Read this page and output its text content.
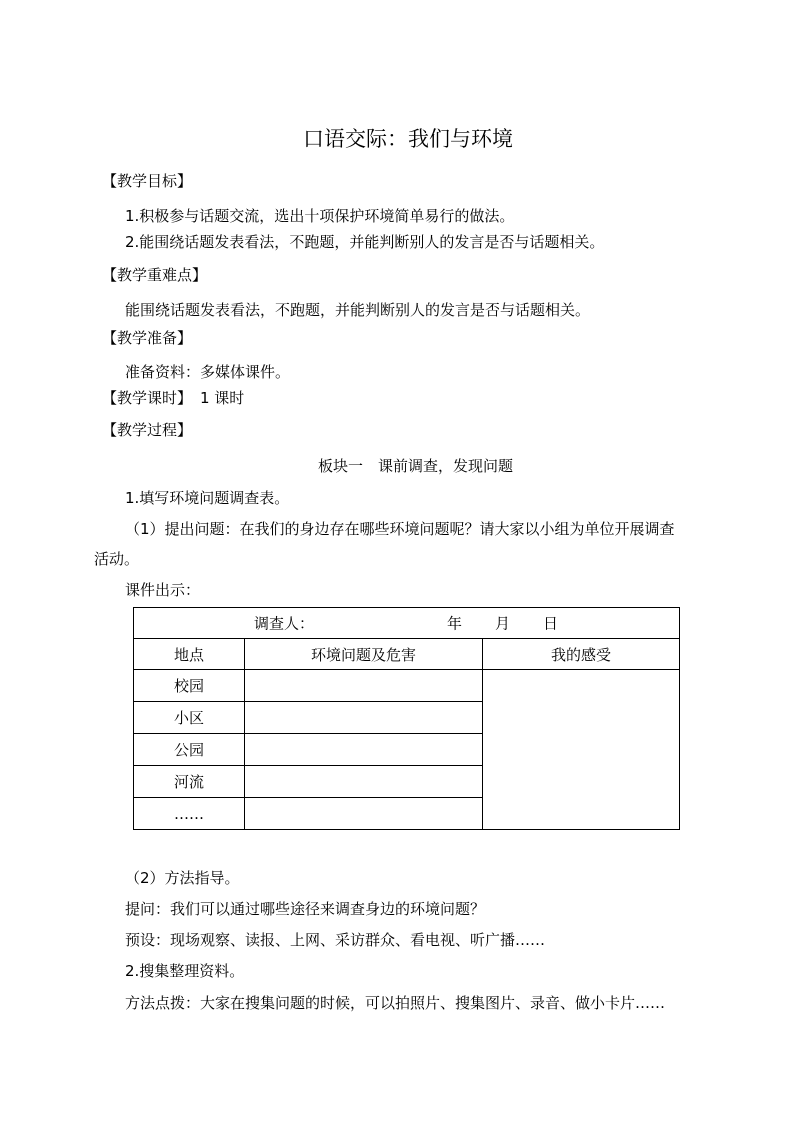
口语交际：我们与环境
【教学目标】
1.积极参与话题交流，选出十项保护环境简单易行的做法。
2.能围绕话题发表看法，不跑题，并能判断别人的发言是否与话题相关。
【教学重难点】
能围绕话题发表看法，不跑题，并能判断别人的发言是否与话题相关。
【教学准备】
准备资料：多媒体课件。
【教学课时】 1 课时
【教学过程】
板块一　课前调查，发现问题
1.填写环境问题调查表。
（1）提出问题：在我们的身边存在哪些环境问题呢？请大家以小组为单位开展调查
活动。
课件出示：
调查人： 年 月 日		

地点	环境问题及危害	我的感受
校园		
小区		
公园		
河流		
……		
（2）方法指导。
提问：我们可以通过哪些途径来调查身边的环境问题？
预设：现场观察、读报、上网、采访群众、看电视、听广播……
2.搜集整理资料。
方法点拨：大家在搜集问题的时候，可以拍照片、搜集图片、录音、做小卡片……
